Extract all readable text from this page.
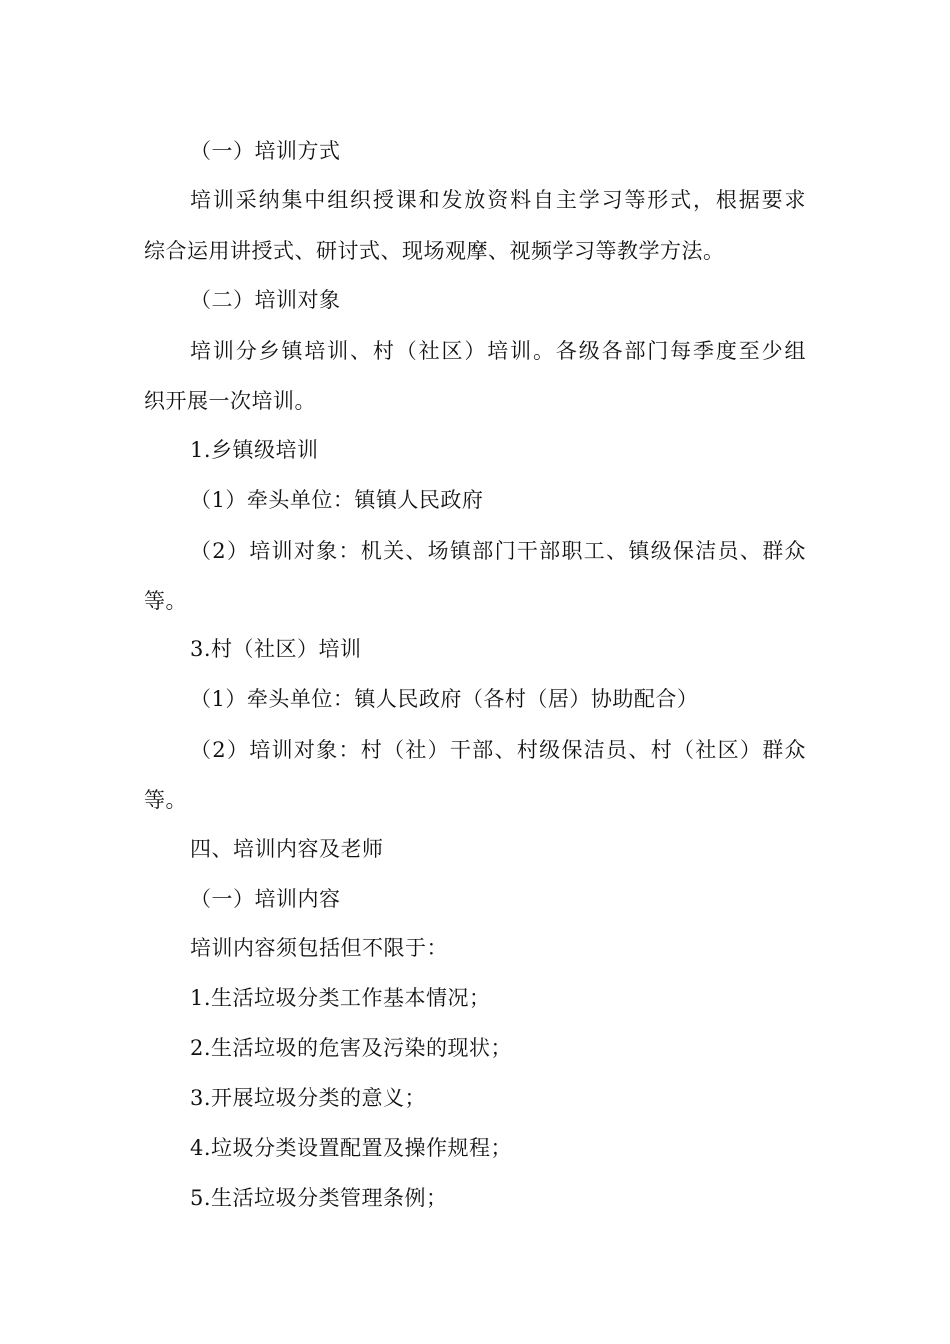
（一）培训方式
培训采纳集中组织授课和发放资料自主学习等形式，根据要求
综合运用讲授式、研讨式、现场观摩、视频学习等教学方法。
（二）培训对象
培训分乡镇培训、村（社区）培训。各级各部门每季度至少组
织开展一次培训。
1.乡镇级培训
（1）牵头单位：镇镇人民政府
（2）培训对象：机关、场镇部门干部职工、镇级保洁员、群众
等。
3.村（社区）培训
（1）牵头单位：镇人民政府（各村（居）协助配合）
（2）培训对象：村（社）干部、村级保洁员、村（社区）群众
等。
四、培训内容及老师
（一）培训内容
培训内容须包括但不限于：
1.生活垃圾分类工作基本情况；
2.生活垃圾的危害及污染的现状；
3.开展垃圾分类的意义；
4.垃圾分类设置配置及操作规程；
5.生活垃圾分类管理条例；
